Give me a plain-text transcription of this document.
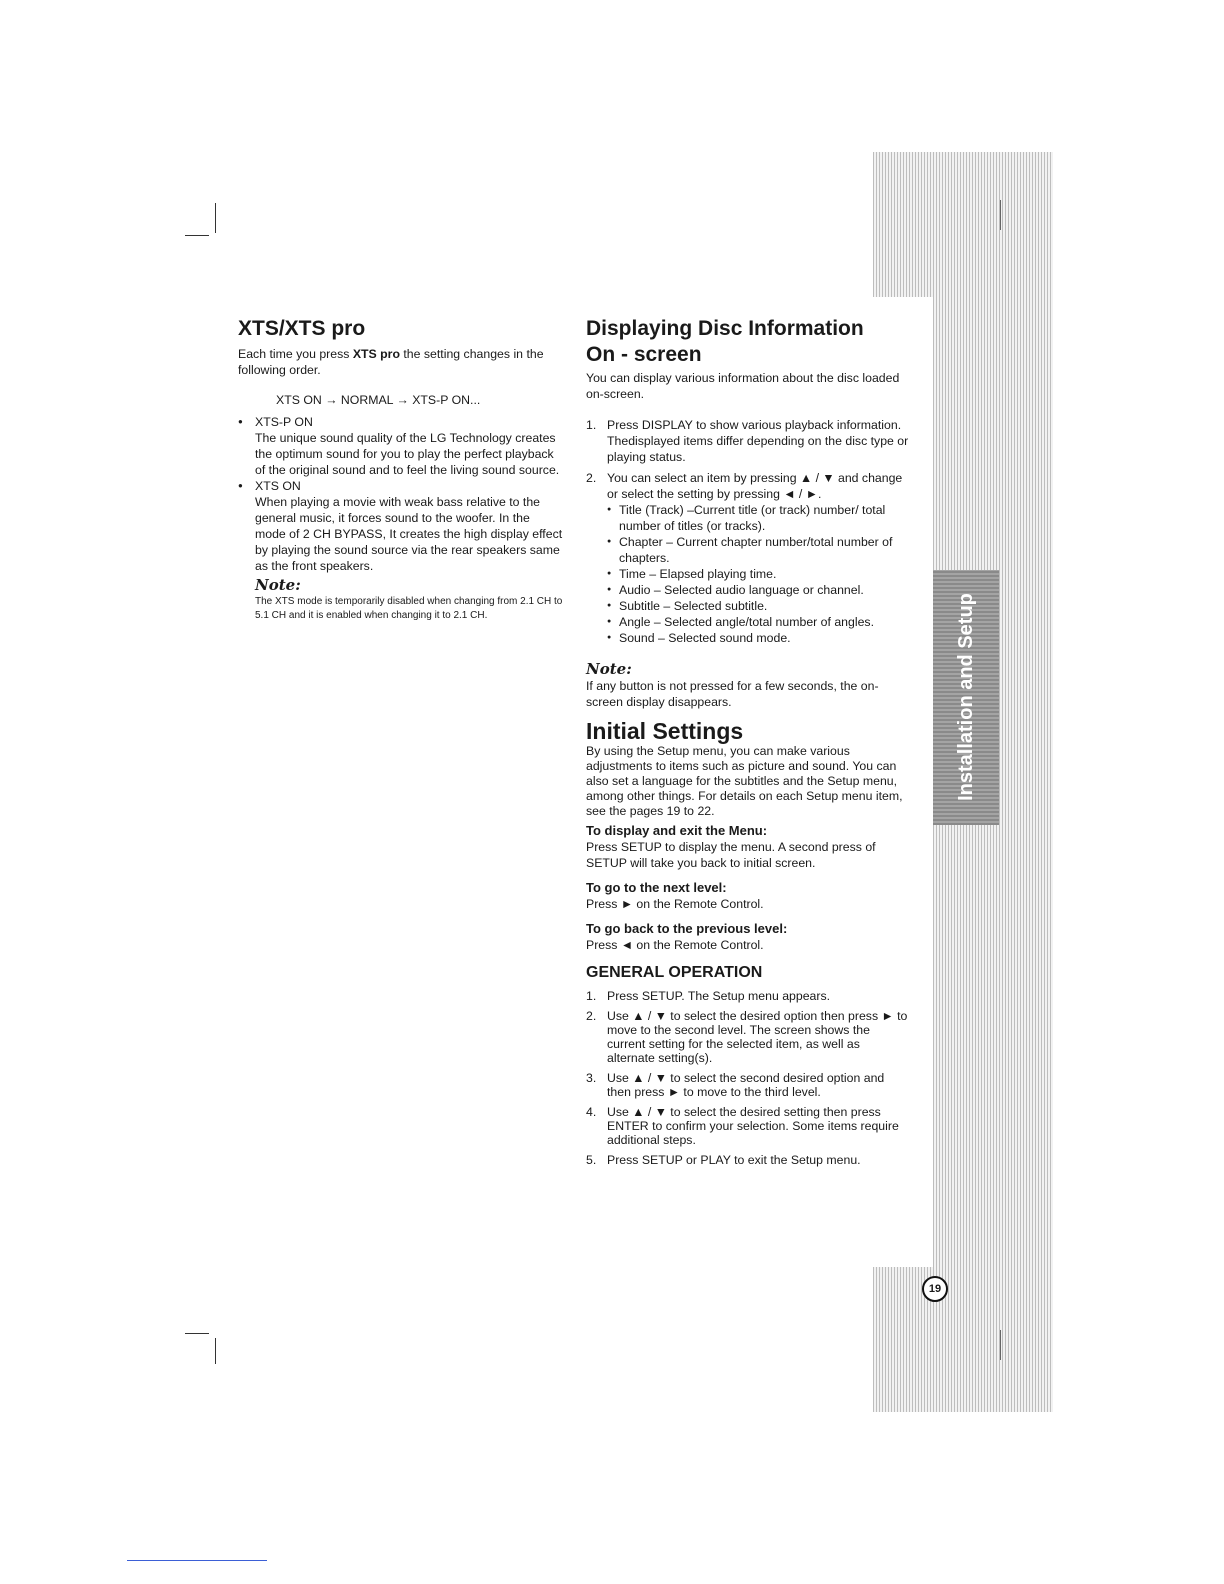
Installation and Setup
19
XTS/XTS pro

Each time you press XTS pro the setting changes in the following order.

XTS ON → NORMAL → XTS-P ON...

● XTS-P ON

The unique sound quality of the LG Technology creates the optimum sound for you to play the perfect playback of the original sound and to feel the living sound source.

● XTS ON

When playing a movie with weak bass relative to the general music, it forces sound to the woofer. In the mode of 2 CH BYPASS, It creates the high display effect by playing the sound source via the rear speakers same as the front speakers.

Note:

The XTS mode is temporarily disabled when changing from 2.1 CH to 5.1 CH and it is enabled when changing it to 2.1 CH.

Displaying Disc Information
On - screen

You can display various information about the disc loaded on-screen.

1. Press DISPLAY to show various playback information.
Thedisplayed items differ depending on the disc type or playing status.
2. You can select an item by pressing ▲ / ▼ and change or select the setting by pressing ◄ / ►.

● Title (Track) –Current title (or track) number/ total number of titles (or tracks).

● Chapter – Current chapter number/total number of chapters.

● Time – Elapsed playing time.

● Audio – Selected audio language or channel.

● Subtitle – Selected subtitle.

● Angle – Selected angle/total number of angles.

● Sound – Selected sound mode.

Note:

If any button is not pressed for a few seconds, the on-screen display disappears.

Initial Settings

By using the Setup menu, you can make various adjustments to items such as picture and sound. You can also set a language for the subtitles and the Setup menu, among other things. For details on each Setup menu item, see the pages 19 to 22.

To display and exit the Menu:

Press SETUP to display the menu. A second press of SETUP will take you back to initial screen.

To go to the next level:

Press ► on the Remote Control.

To go back to the previous level:

Press ◄ on the Remote Control.

GENERAL OPERATION
1. Press SETUP. The Setup menu appears.
2. Use ▲ / ▼ to select the desired option then press ► to move to the second level. The screen shows the current setting for the selected item, as well as alternate setting(s).
3. Use ▲ / ▼ to select the second desired option and then press ► to move to the third level.
4. Use ▲ / ▼ to select the desired setting then press ENTER to confirm your selection. Some items require additional steps.
5. Press SETUP or PLAY to exit the Setup menu.
